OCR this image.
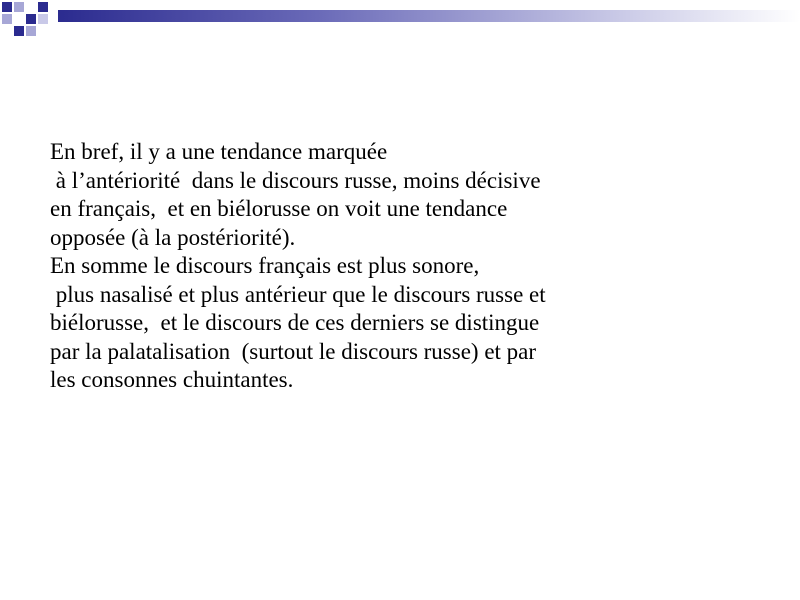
En bref, il y a une tendance marquée
à l’antériorité  dans le discours russe, moins décisive
en français,  et en biélorusse on voit une tendance
opposée (à la postériorité).
En somme le discours français est plus sonore,
plus nasalisé et plus antérieur que le discours russe et
biélorusse,  et le discours de ces derniers se distingue
par la palatalisation  (surtout le discours russe) et par
les consonnes chuintantes.
